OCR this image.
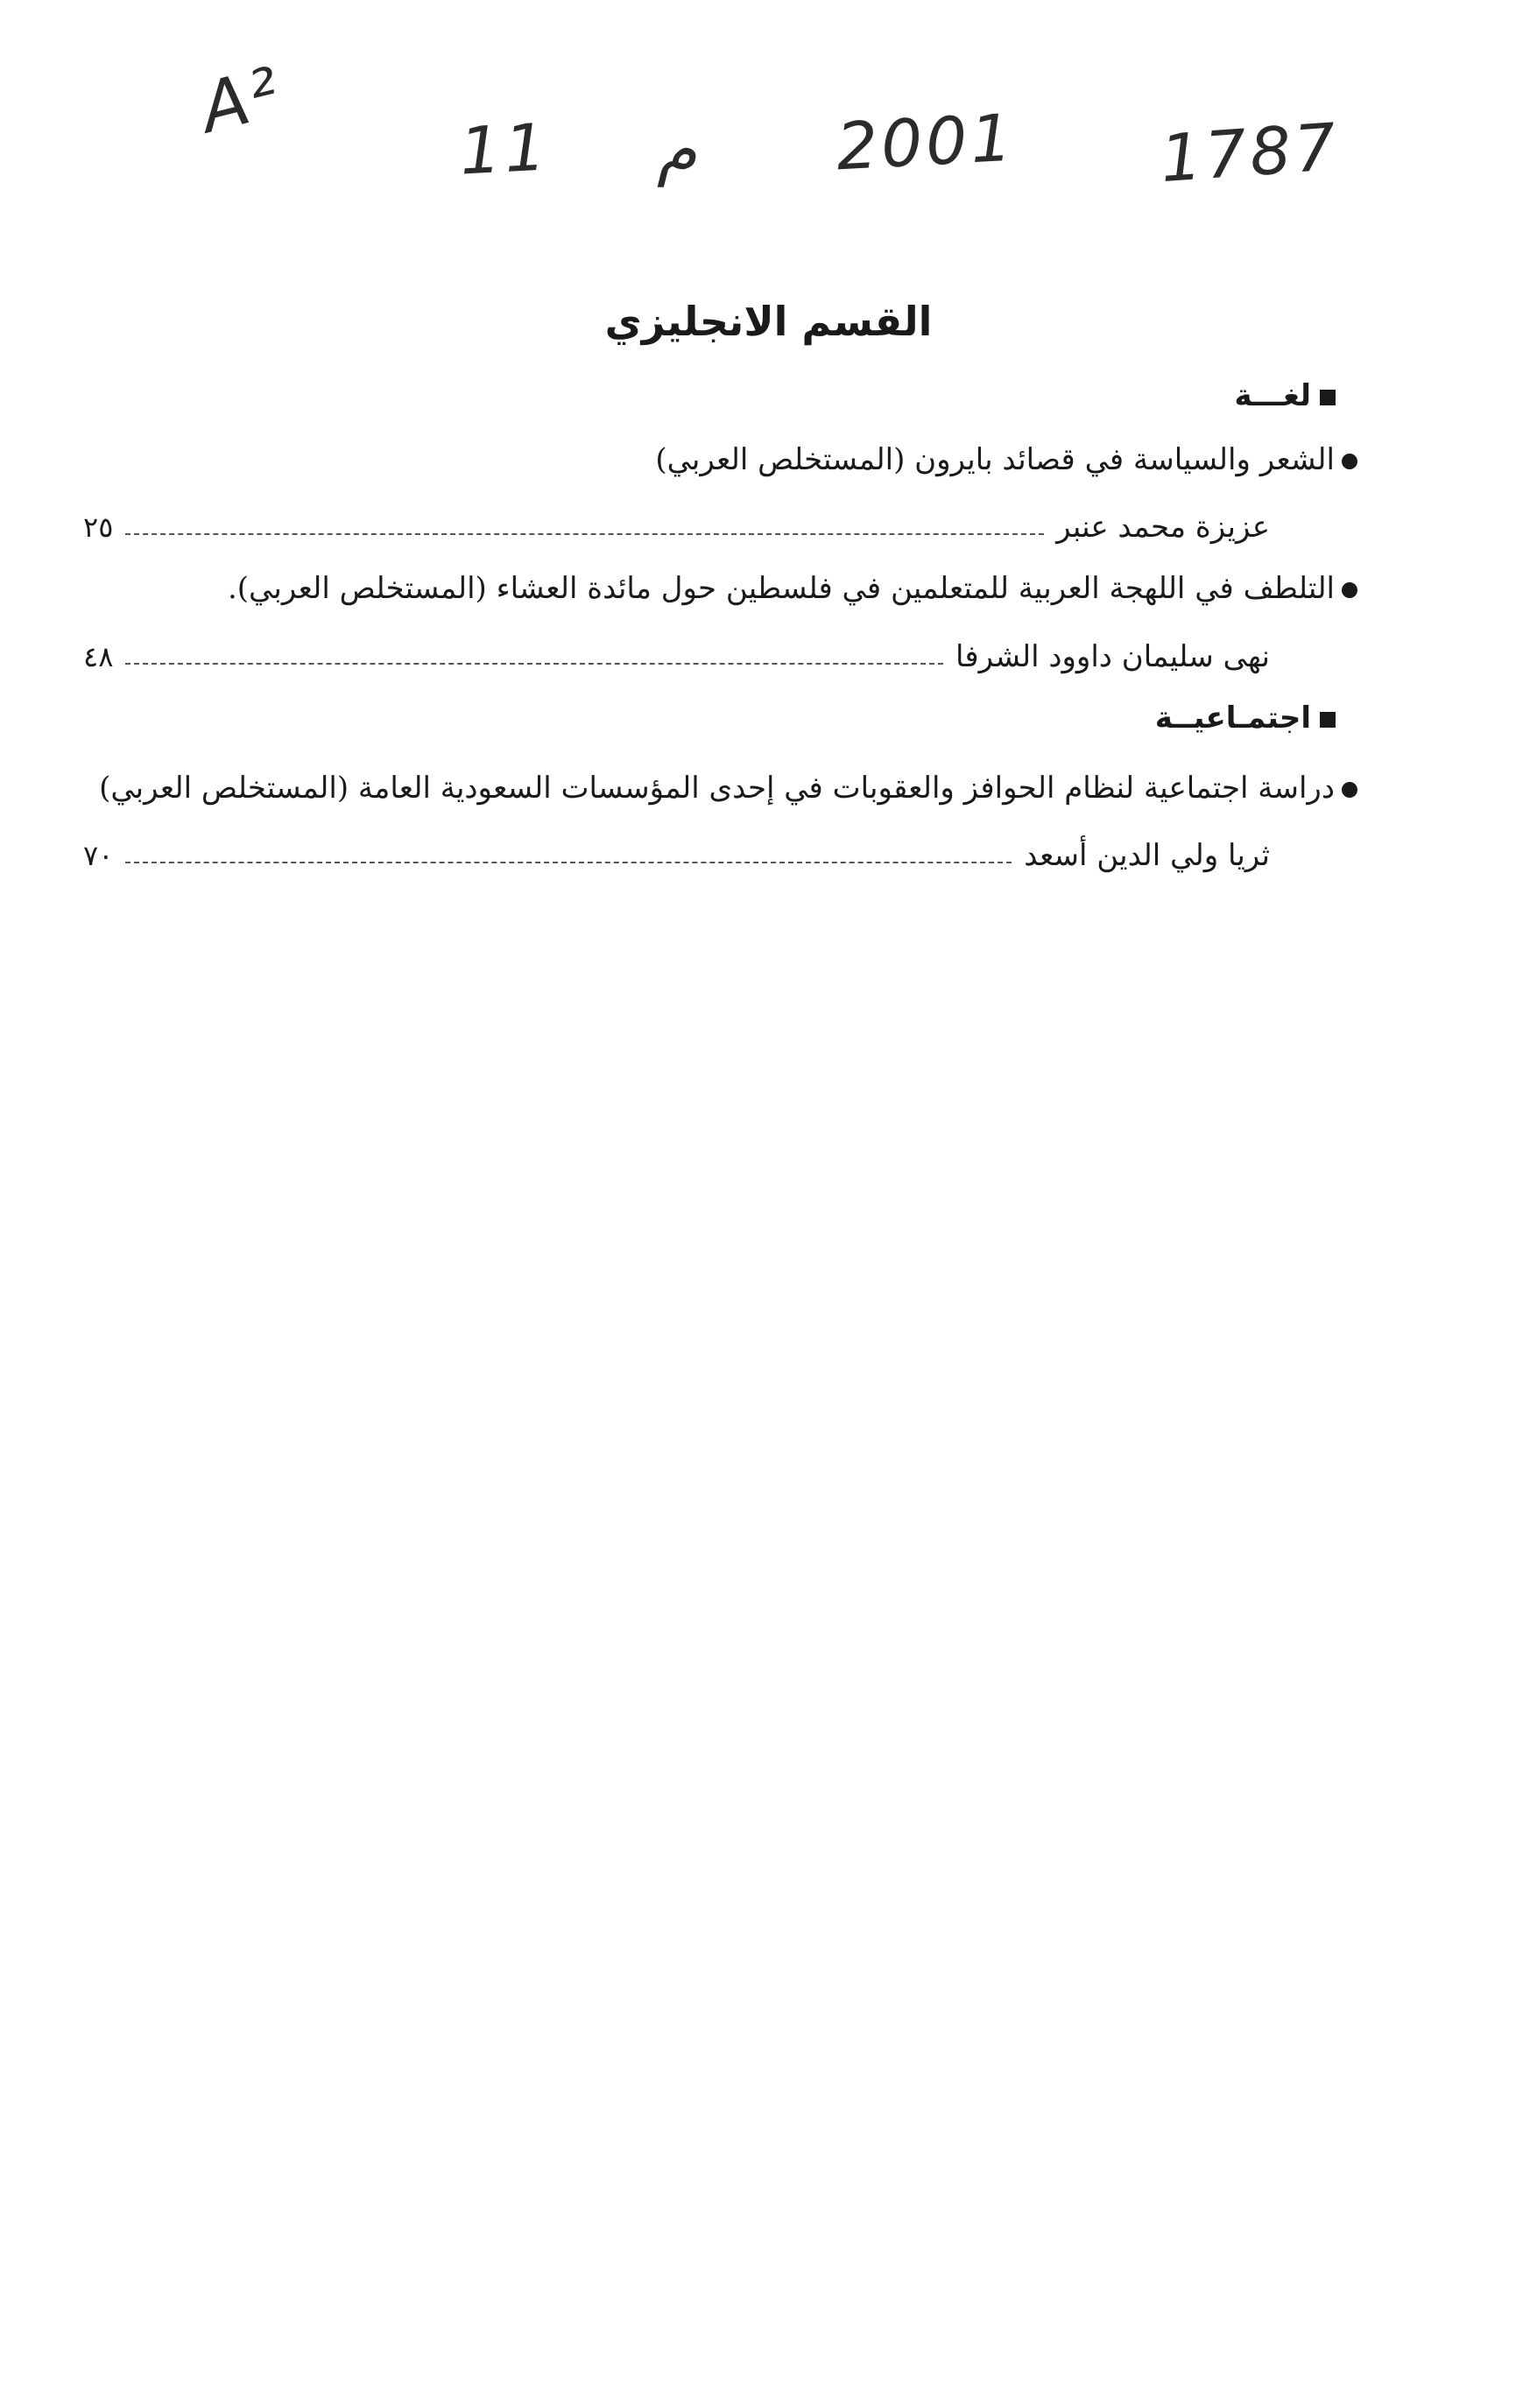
A²
11 م 2001 1787
القسم الانجليزي
لغـــة
الشعر والسياسة في قصائد بايرون (المستخلص العربي)
عزيزة محمد عنبر
٢٥
التلطف في اللهجة العربية للمتعلمين في فلسطين حول مائدة العشاء (المستخلص العربي).
نهى سليمان داوود الشرفا
٤٨
اجتمـاعيــة
دراسة اجتماعية لنظام الحوافز والعقوبات في إحدى المؤسسات السعودية العامة (المستخلص العربي)
ثريا ولي الدين أسعد
٧٠
